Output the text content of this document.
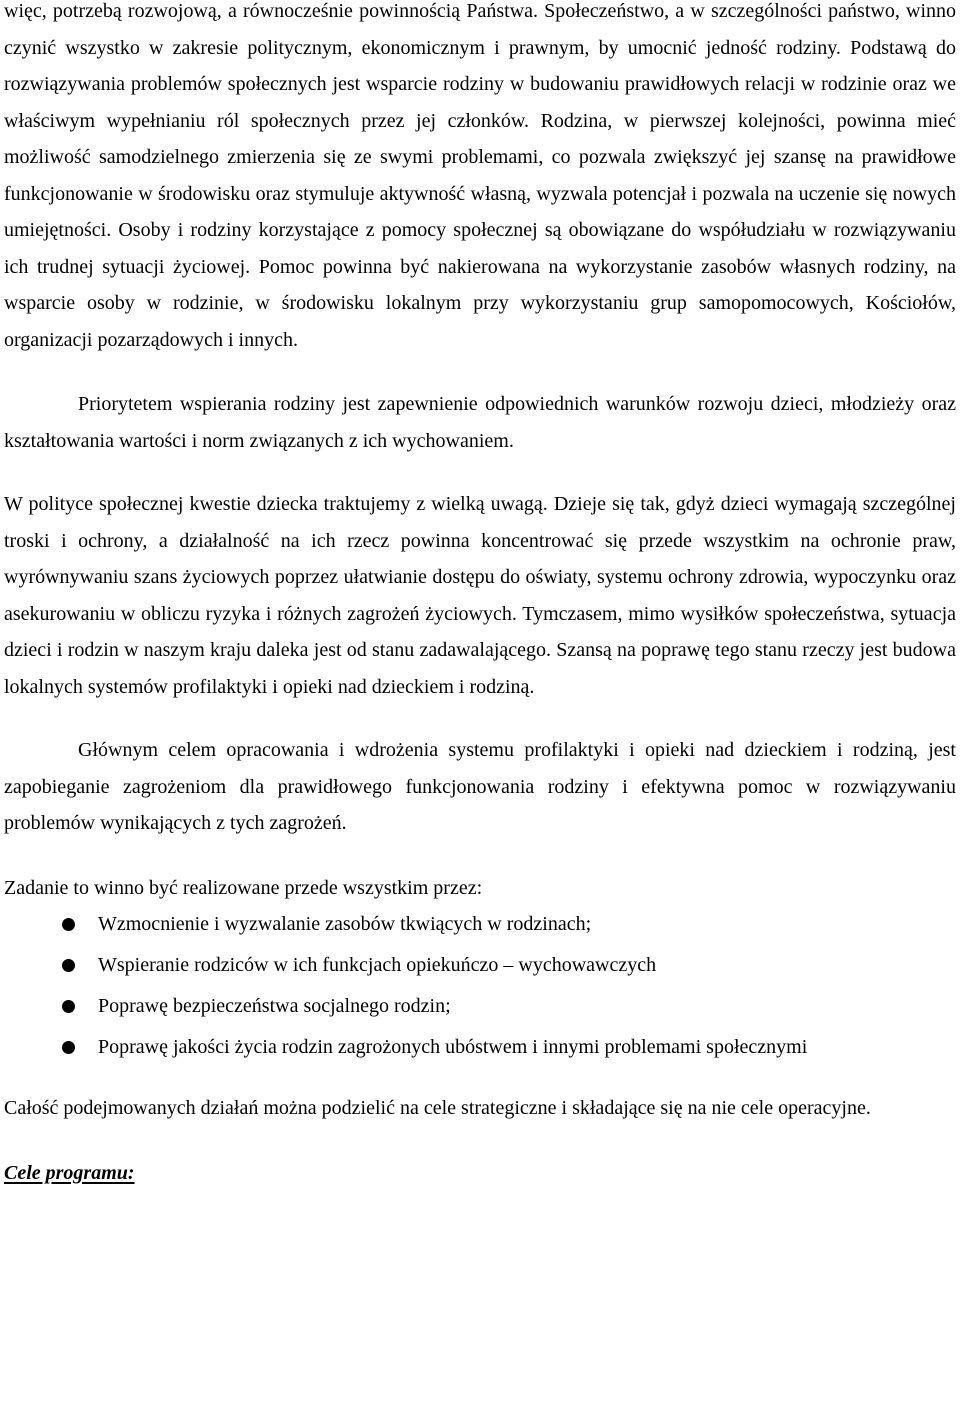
więc, potrzebą rozwojową, a równocześnie powinnością Państwa. Społeczeństwo, a w szczególności państwo, winno czynić wszystko w zakresie politycznym, ekonomicznym i prawnym, by umocnić jedność rodziny. Podstawą do rozwiązywania problemów społecznych jest wsparcie rodziny w budowaniu prawidłowych relacji w rodzinie oraz we właściwym wypełnianiu ról społecznych przez jej członków. Rodzina, w pierwszej kolejności, powinna mieć możliwość samodzielnego zmierzenia się ze swymi problemami, co pozwala zwiększyć jej szansę na prawidłowe funkcjonowanie w środowisku oraz stymuluje aktywność własną, wyzwala potencjał i pozwala na uczenie się nowych umiejętności. Osoby i rodziny korzystające z pomocy społecznej są obowiązane do współudziału w rozwiązywaniu ich trudnej sytuacji życiowej. Pomoc powinna być nakierowana na wykorzystanie zasobów własnych rodziny, na wsparcie osoby w rodzinie, w środowisku lokalnym przy wykorzystaniu grup samopomocowych, Kościołów, organizacji pozarządowych i innych.

Priorytetem wspierania rodziny jest zapewnienie odpowiednich warunków rozwoju dzieci, młodzieży oraz kształtowania wartości i norm związanych z ich wychowaniem.

W polityce społecznej kwestie dziecka traktujemy z wielką uwagą. Dzieje się tak, gdyż dzieci wymagają szczególnej troski i ochrony, a działalność na ich rzecz powinna koncentrować się przede wszystkim na ochronie praw, wyrównywaniu szans życiowych poprzez ułatwianie dostępu do oświaty, systemu ochrony zdrowia, wypoczynku oraz asekurowaniu w obliczu ryzyka i różnych zagrożeń życiowych. Tymczasem, mimo wysiłków społeczeństwa, sytuacja dzieci i rodzin w naszym kraju daleka jest od stanu zadawalającego. Szansą na poprawę tego stanu rzeczy jest budowa lokalnych systemów profilaktyki i opieki nad dzieckiem i rodziną.

Głównym celem opracowania i wdrożenia systemu profilaktyki i opieki nad dzieckiem i rodziną, jest zapobieganie zagrożeniom dla prawidłowego funkcjonowania rodziny i efektywna pomoc w rozwiązywaniu problemów wynikających z tych zagrożeń.

Zadanie to winno być realizowane przede wszystkim przez:

Wzmocnienie i wyzwalanie zasobów tkwiących w rodzinach;
Wspieranie rodziców w ich funkcjach opiekuńczo – wychowawczych
Poprawę bezpieczeństwa socjalnego rodzin;
Poprawę jakości życia rodzin zagrożonych ubóstwem i innymi problemami społecznymi

Całość podejmowanych działań można podzielić na cele strategiczne i składające się na nie cele operacyjne.

Cele programu:
